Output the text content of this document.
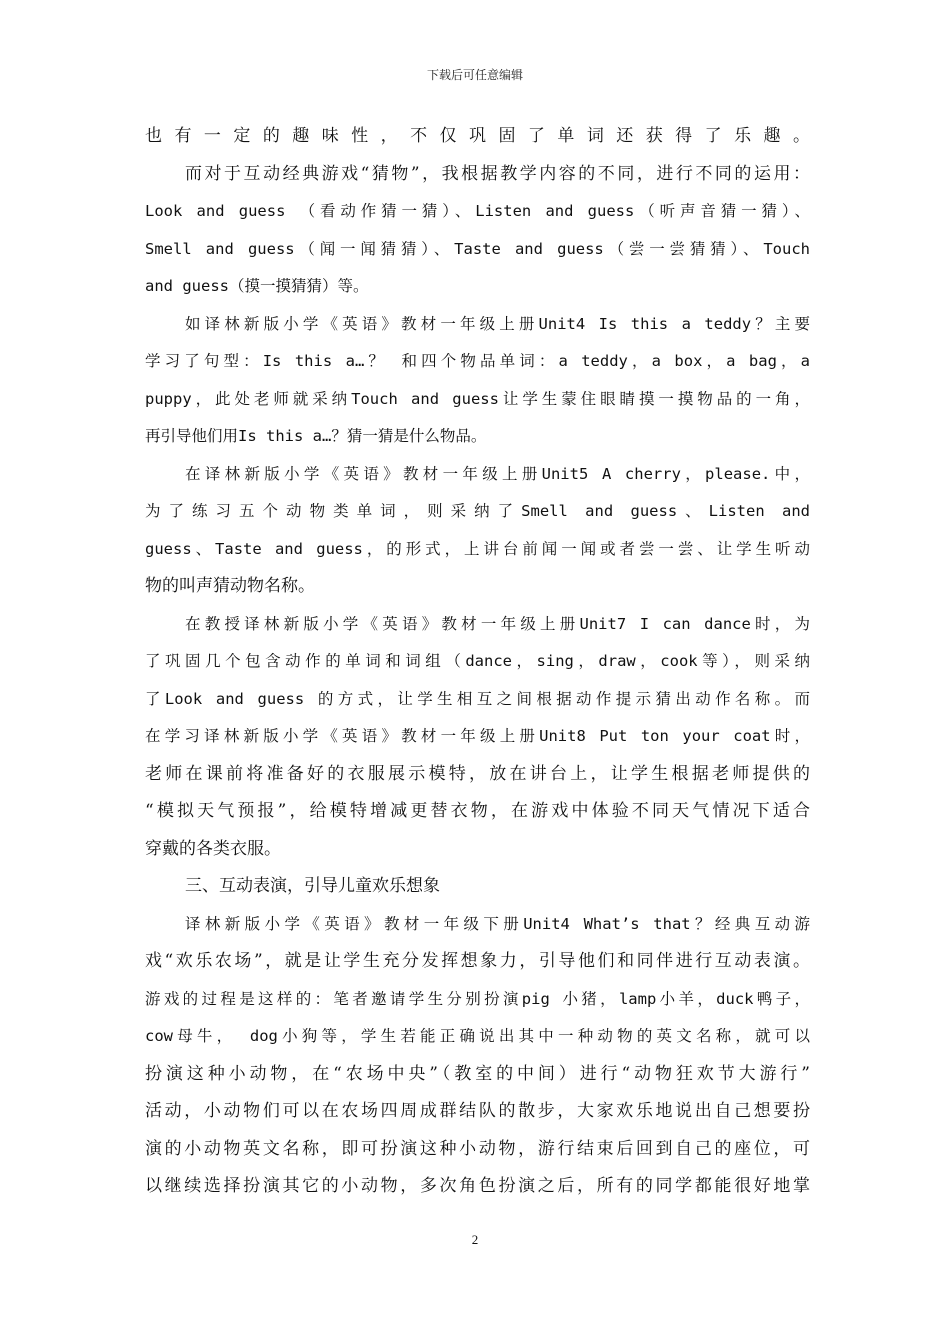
下载后可任意编辑
也有一定的趣味性，不仅巩固了单词还获得了乐趣。
而对于互动经典游戏“猜物”，我根据教学内容的不同，进行不同的运用：
Look and guess （看动作猜一猜）、Listen and guess（听声音猜一猜）、
Smell and guess（闻一闻猜猜）、Taste and guess（尝一尝猜猜）、Touch
and guess（摸一摸猜猜）等。
如译林新版小学《英语》教材一年级上册Unit4 Is this a teddy？主要
学习了句型：Is this a…？ 和四个物品单词：a teddy，a box，a bag，a
puppy，此处老师就采纳Touch and guess让学生蒙住眼睛摸一摸物品的一角，
再引导他们用Is this a…？猜一猜是什么物品。
在译林新版小学《英语》教材一年级上册Unit5 A cherry，please.中，
为了练习五个动物类单词，则采纳了Smell and guess、Listen and
guess、Taste and guess，的形式，上讲台前闻一闻或者尝一尝、让学生听动
物的叫声猜动物名称。
在教授译林新版小学《英语》教材一年级上册Unit7 I can dance时，为
了巩固几个包含动作的单词和词组（dance，sing，draw，cook等），则采纳
了Look and guess 的方式，让学生相互之间根据动作提示猜出动作名称。而
在学习译林新版小学《英语》教材一年级上册Unit8 Put ton your coat时，
老师在课前将准备好的衣服展示模特，放在讲台上，让学生根据老师提供的
“模拟天气预报”，给模特增减更替衣物，在游戏中体验不同天气情况下适合
穿戴的各类衣服。
三、互动表演，引导儿童欢乐想象
译林新版小学《英语》教材一年级下册Unit4 What’s that？经典互动游
戏“欢乐农场”，就是让学生充分发挥想象力，引导他们和同伴进行互动表演。
游戏的过程是这样的：笔者邀请学生分别扮演pig 小猪，lamp小羊，duck鸭子，
cow母牛， dog小狗等，学生若能正确说出其中一种动物的英文名称，就可以
扮演这种小动物，在“农场中央”（教室的中间）进行“动物狂欢节大游行”
活动，小动物们可以在农场四周成群结队的散步，大家欢乐地说出自己想要扮
演的小动物英文名称，即可扮演这种小动物，游行结束后回到自己的座位，可
以继续选择扮演其它的小动物，多次角色扮演之后，所有的同学都能很好地掌
2
